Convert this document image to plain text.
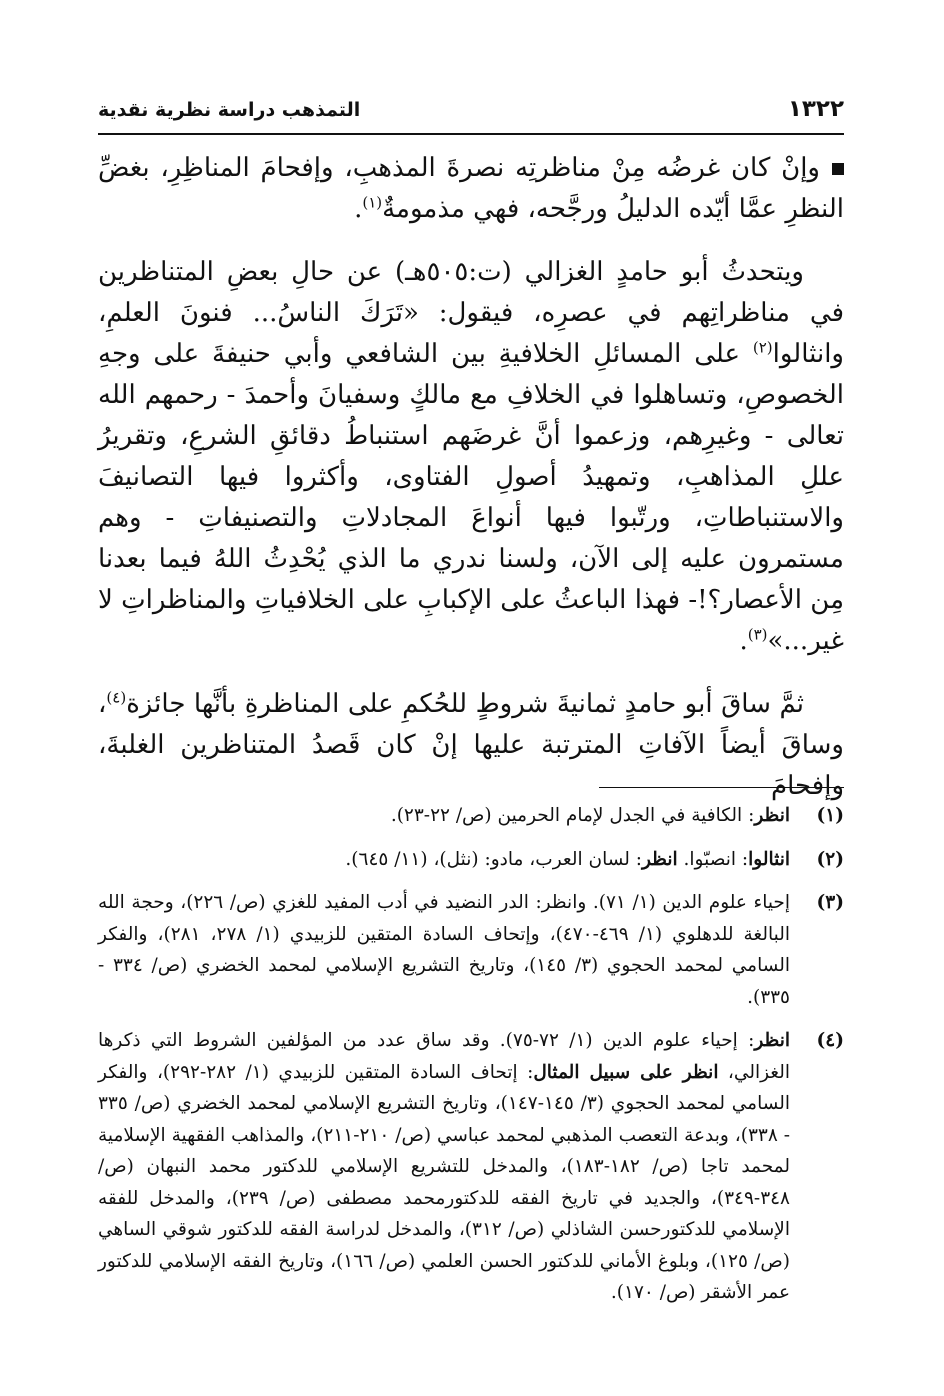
١٣٢٢
التمذهب دراسة نظرية نقدية

وإنْ كان غرضُه مِنْ مناظرتِه نصرةَ المذهبِ، وإفحامَ المناظِرِ، بغضِّ النظرِ عمَّا أيّده الدليلُ ورجَّحه، فهي مذمومةٌ$^{(١)}$.

ويتحدثُ أبو حامدٍ الغزالي (ت:٥٠٥هـ) عن حالِ بعضِ المتناظرين في مناظراتِهم في عصرِه، فيقول: «تَرَكَ الناسُ... فنونَ العلمِ، وانثالوا$^{(٢)}$ على المسائلِ الخلافيةِ بين الشافعي وأبي حنيفةَ على وجهِ الخصوصِ، وتساهلوا في الخلافِ مع مالكٍ وسفيانَ وأحمدَ - رحمهم الله تعالى - وغيرِهم، وزعموا أنَّ غرضَهم استنباطُ دقائقِ الشرعِ، وتقريرُ عللِ المذاهبِ، وتمهيدُ أصولِ الفتاوى، وأكثروا فيها التصانيفَ والاستنباطاتِ، ورتّبوا فيها أنواعَ المجادلاتِ والتصنيفاتِ - وهم مستمرون عليه إلى الآن، ولسنا ندري ما الذي يُحْدِثُ اللهُ فيما بعدنا مِن الأعصار؟!- فهذا الباعثُ على الإكبابِ على الخلافياتِ والمناظراتِ لا غير...»$^{(٣)}$.

ثمَّ ساقَ أبو حامدٍ ثمانيةَ شروطٍ للحُكمِ على المناظرةِ بأنَّها جائزة$^{(٤)}$، وساقَ أيضاً الآفاتِ المترتبة عليها إنْ كان قَصدُ المتناظرين الغلبةَ، وإفحامَ

(١)
انظر: الكافية في الجدل لإمام الحرمين (ص/ ٢٢-٢٣).
(٢)
انثالوا: انصبّوا. انظر: لسان العرب، مادو: (نثل)، (١١/ ٦٤٥).
(٣)
إحياء علوم الدين (١/ ٧١). وانظر: الدر النضيد في أدب المفيد للغزي (ص/ ٢٢٦)، وحجة الله البالغة للدهلوي (١/ ٤٦٩-٤٧٠)، وإتحاف السادة المتقين للزبيدي (١/ ٢٧٨، ٢٨١)، والفكر السامي لمحمد الحجوي (٣/ ١٤٥)، وتاريخ التشريع الإسلامي لمحمد الخضري (ص/ ٣٣٤ - ٣٣٥).
(٤)
انظر: إحياء علوم الدين (١/ ٧٢-٧٥). وقد ساق عدد من المؤلفين الشروط التي ذكرها الغزالي، انظر على سبيل المثال: إتحاف السادة المتقين للزبيدي (١/ ٢٨٢-٢٩٢)، والفكر السامي لمحمد الحجوي (٣/ ١٤٥-١٤٧)، وتاريخ التشريع الإسلامي لمحمد الخضري (ص/ ٣٣٥ - ٣٣٨)، وبدعة التعصب المذهبي لمحمد عباسي (ص/ ٢١٠-٢١١)، والمذاهب الفقهية الإسلامية لمحمد تاجا (ص/ ١٨٢-١٨٣)، والمدخل للتشريع الإسلامي للدكتور محمد النبهان (ص/٣٤٨-٣٤٩)، والجديد في تاريخ الفقه للدكتورمحمد مصطفى (ص/ ٢٣٩)، والمدخل للفقه الإسلامي للدكتورحسن الشاذلي (ص/ ٣١٢)، والمدخل لدراسة الفقه للدكتور شوقي الساهي (ص/ ١٢٥)، وبلوغ الأماني للدكتور الحسن العلمي (ص/ ١٦٦)، وتاريخ الفقه الإسلامي للدكتور عمر الأشقر (ص/ ١٧٠).
